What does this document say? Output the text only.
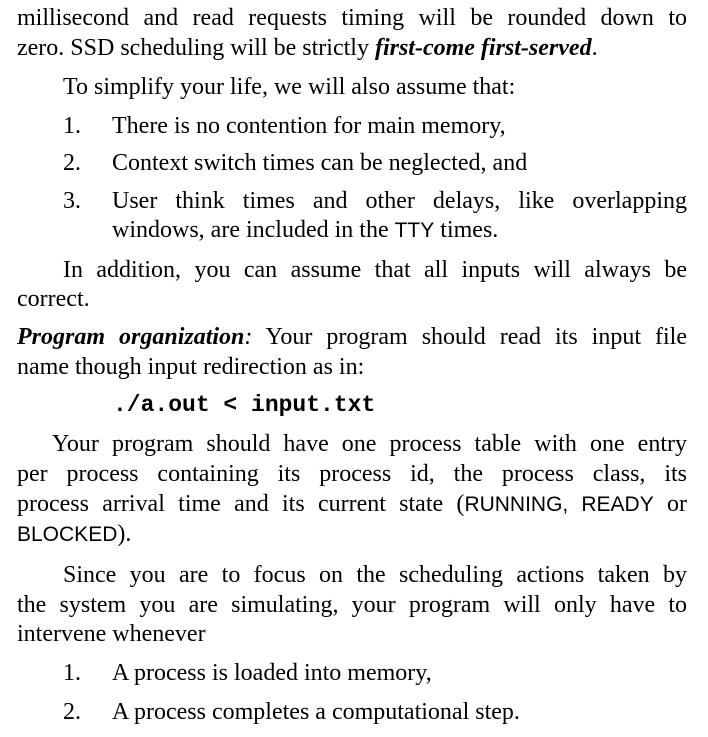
millisecond and read requests timing will be rounded down to
zero. SSD scheduling will be strictly first-come first-served.
To simplify your life, we will also assume that:
1.	There is no contention for main memory,
2.	Context switch times can be neglected, and
3.	User think times and other delays, like overlapping
windows, are included in the TTY times.
In addition, you can assume that all inputs will always be
correct.
Program organization: Your program should read its input file
name though input redirection as in:
./a.out < input.txt
Your program should have one process table with one entry
per process containing its process id, the process class, its
process arrival time and its current state (RUNNING, READY or
BLOCKED).
Since you are to focus on the scheduling actions taken by
the system you are simulating, your program will only have to
intervene whenever
1.	A process is loaded into memory,
2.	A process completes a computational step.
